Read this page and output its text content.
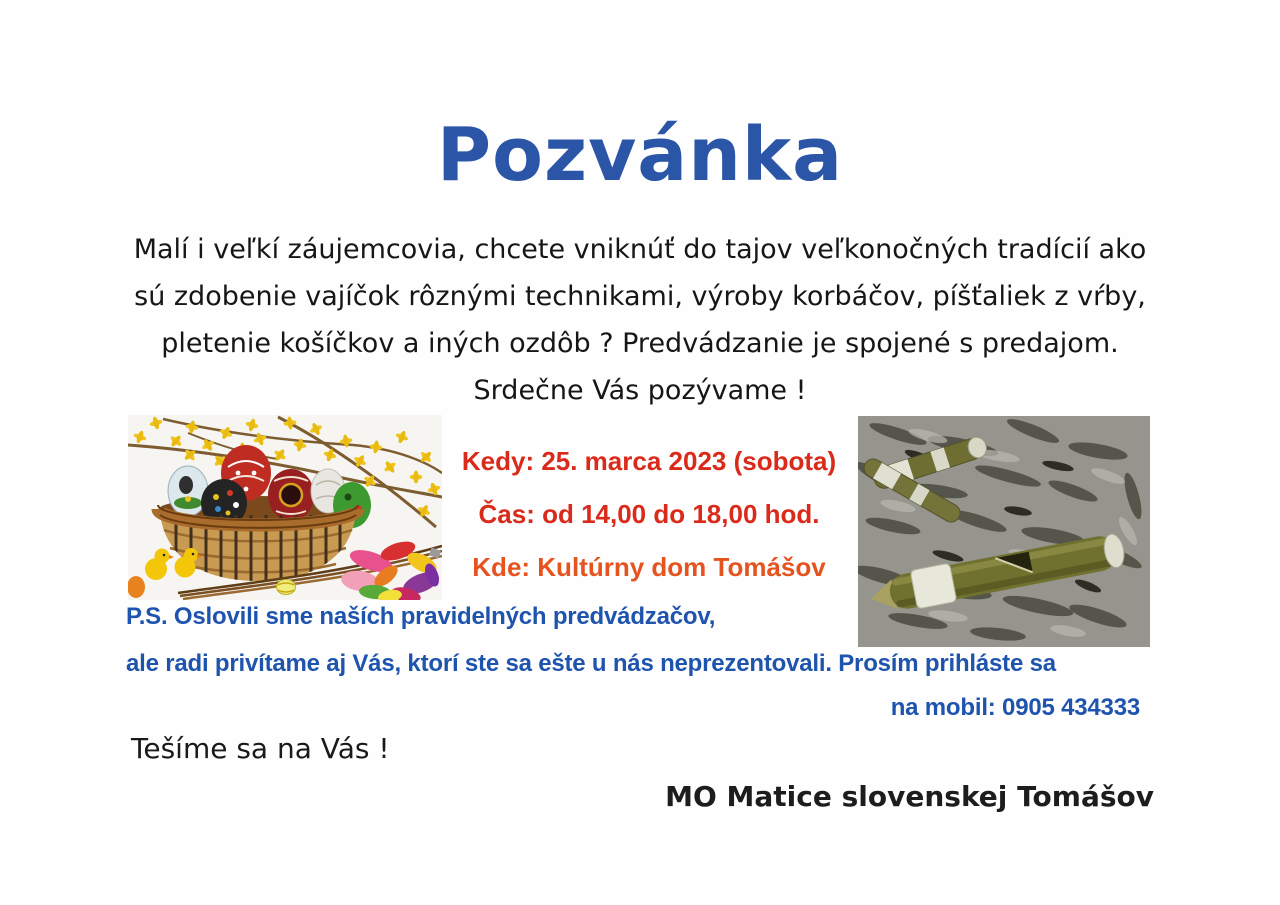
Pozvánka
Malí i veľkí záujemcovia, chcete vniknúť do tajov veľkonočných tradícií ako
sú zdobenie vajíčok rôznými technikami, výroby korbáčov, píšťaliek z vŕby,
pletenie košíčkov a iných ozdôb ? Predvádzanie je spojené s predajom.
Srdečne Vás pozývame !
Kedy: 25. marca 2023 (sobota)
Čas: od 14,00 do 18,00 hod.
Kde: Kultúrny dom Tomášov
P.S. Oslovili sme naších pravidelných predvádzačov,
ale radi privítame aj Vás, ktorí ste sa ešte u nás neprezentovali. Prosím prihláste sa
na mobil: 0905 434333
Tešíme sa na Vás !
MO Matice slovenskej Tomášov
